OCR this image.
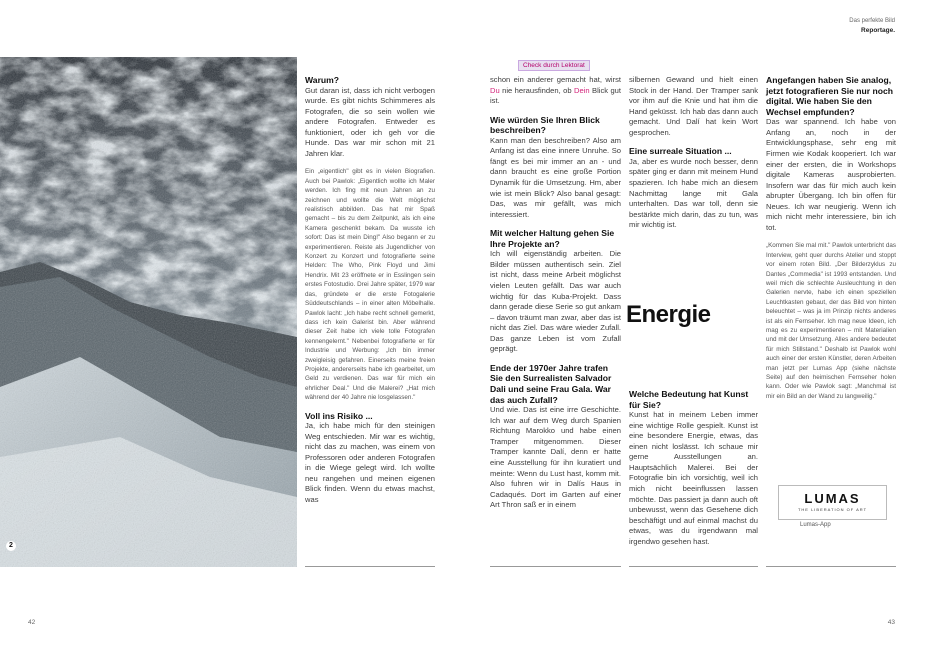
Das perfekte Bild
Reportage.
42	43
2
Warum?

Gut daran ist, dass ich nicht verbogen wurde. Es gibt nichts Schimmeres als Fotografen, die so sein wollen wie andere Fotografen. Entweder es funktioniert, oder ich geh vor die Hunde. Das war mir schon mit 21 Jahren klar.

Ein „eigentlich" gibt es in vielen Biografien. Auch bei Pawlok: „Eigentlich wollte ich Maler werden. Ich fing mit neun Jahren an zu zeichnen und wollte die Welt möglichst realistisch abbilden. Das hat mir Spaß gemacht – bis zu dem Zeitpunkt, als ich eine Kamera geschenkt bekam. Da wusste ich sofort: Das ist mein Ding!" Also begann er zu experimentieren. Reiste als Jugendlicher von Konzert zu Konzert und fotografierte seine Helden: The Who, Pink Floyd und Jimi Hendrix. Mit 23 eröffnete er in Esslingen sein erstes Fotostudio. Drei Jahre später, 1979 war das, gründete er die erste Fotogalerie Süddeutschlands – in einer alten Möbelhalle. Pawlok lacht: „Ich habe recht schnell gemerkt, dass ich kein Galerist bin. Aber während dieser Zeit habe ich viele tolle Fotografen kennengelernt." Nebenbei fotografierte er für Industrie und Werbung: „Ich bin immer zweigleisig gefahren. Einerseits meine freien Projekte, andererseits habe ich gearbeitet, um Geld zu verdienen. Das war für mich ein ehrlicher Deal." Und die Malerei? „Hat mich während der 40 Jahre nie losgelassen."

Voll ins Risiko ...

Ja, ich habe mich für den steinigen Weg entschieden. Mir war es wichtig, nicht das zu machen, was einem von Professoren oder anderen Fotografen in die Wiege gelegt wird. Ich wollte neu rangehen und meinen eigenen Blick finden. Wenn du etwas machst, was

Check durch Lektorat

schon ein anderer gemacht hat, wirst Du nie herausfinden, ob Dein Blick gut ist.

Wie würden Sie Ihren Blick beschreiben?

Kann man den beschreiben? Also am Anfang ist das eine innere Unruhe. So fängt es bei mir immer an an - und dann braucht es eine große Portion Dynamik für die Umsetzung. Hm, aber wie ist mein Blick? Also banal gesagt: Das, was mir gefällt, was mich interessiert.

Mit welcher Haltung gehen Sie Ihre Projekte an?

Ich will eigenständig arbeiten. Die Bilder müssen authentisch sein. Ziel ist nicht, dass meine Arbeit möglichst vielen Leuten gefällt. Das war auch wichtig für das Kuba-Projekt. Dass dann gerade diese Serie so gut ankam – davon träumt man zwar, aber das ist nicht das Ziel. Das wäre wieder Zufall. Das ganze Leben ist vom Zufall geprägt.

Ende der 1970er Jahre trafen Sie den Surrealisten Salvador Dali und seine Frau Gala. War das auch Zufall?

Und wie. Das ist eine irre Geschichte. Ich war auf dem Weg durch Spanien Richtung Marokko und habe einen Tramper mitgenommen. Dieser Tramper kannte Dalí, denn er hatte eine Ausstellung für ihn kuratiert und meinte: Wenn du Lust hast, komm mit. Also fuhren wir in Dalís Haus in Cadaqués. Dort im Garten auf einer Art Thron saß er in einem

silbernen Gewand und hielt einen Stock in der Hand. Der Tramper sank vor ihm auf die Knie und hat ihm die Hand geküsst. Ich hab das dann auch gemacht. Und Dalí hat kein Wort gesprochen.

Eine surreale Situation ...

Ja, aber es wurde noch besser, denn später ging er dann mit meinem Hund spazieren. Ich habe mich an diesem Nachmittag lange mit Gala unterhalten. Das war toll, denn sie bestärkte mich darin, das zu tun, was mir wichtig ist.

Energie
Welche Bedeutung hat Kunst für Sie?

Kunst hat in meinem Leben immer eine wichtige Rolle gespielt. Kunst ist eine besondere Energie, etwas, das einen nicht loslässt. Ich schaue mir gerne Ausstellungen an. Hauptsächlich Malerei. Bei der Fotografie bin ich vorsichtig, weil ich mich nicht beeinflussen lassen möchte. Das passiert ja dann auch oft unbewusst, wenn das Gesehene dich beschäftigt und auf einmal machst du etwas, was du irgendwann mal irgendwo gesehen hast.

Angefangen haben Sie analog, jetzt fotografieren Sie nur noch digital. Wie haben Sie den Wechsel empfunden?

Das war spannend. Ich habe von Anfang an, noch in der Entwicklungsphase, sehr eng mit Firmen wie Kodak kooperiert. Ich war einer der ersten, die in Workshops digitale Kameras ausprobierten. Insofern war das für mich auch kein abrupter Übergang. Ich bin offen für Neues. Ich war neugierig. Wenn ich mich nicht mehr interessiere, bin ich tot.

„Kommen Sie mal mit." Pawlok unterbricht das Interview, geht quer durchs Atelier und stoppt vor einem roten Bild. „Der Bilderzyklus zu Dantes „Commedia" ist 1993 entstanden. Und weil mich die schlechte Ausleuchtung in den Galerien nervte, habe ich einen speziellen Leuchtkasten gebaut, der das Bild von hinten beleuchtet – was ja im Prinzip nichts anderes ist als ein Fernseher. Ich mag neue Ideen, ich mag es zu experimentieren – mit Materialien und mit der Umsetzung. Alles andere bedeutet für mich Stillstand." Deshalb ist Pawlok wohl auch einer der ersten Künstler, deren Arbeiten man jetzt per Lumas App (siehe nächste Seite) auf den heimischen Fernseher holen kann. Oder wie Pawlok sagt: „Manchmal ist mir ein Bild an der Wand zu langweilig."

LUMAS
THE LIBERATION OF ART
Lumas-App
